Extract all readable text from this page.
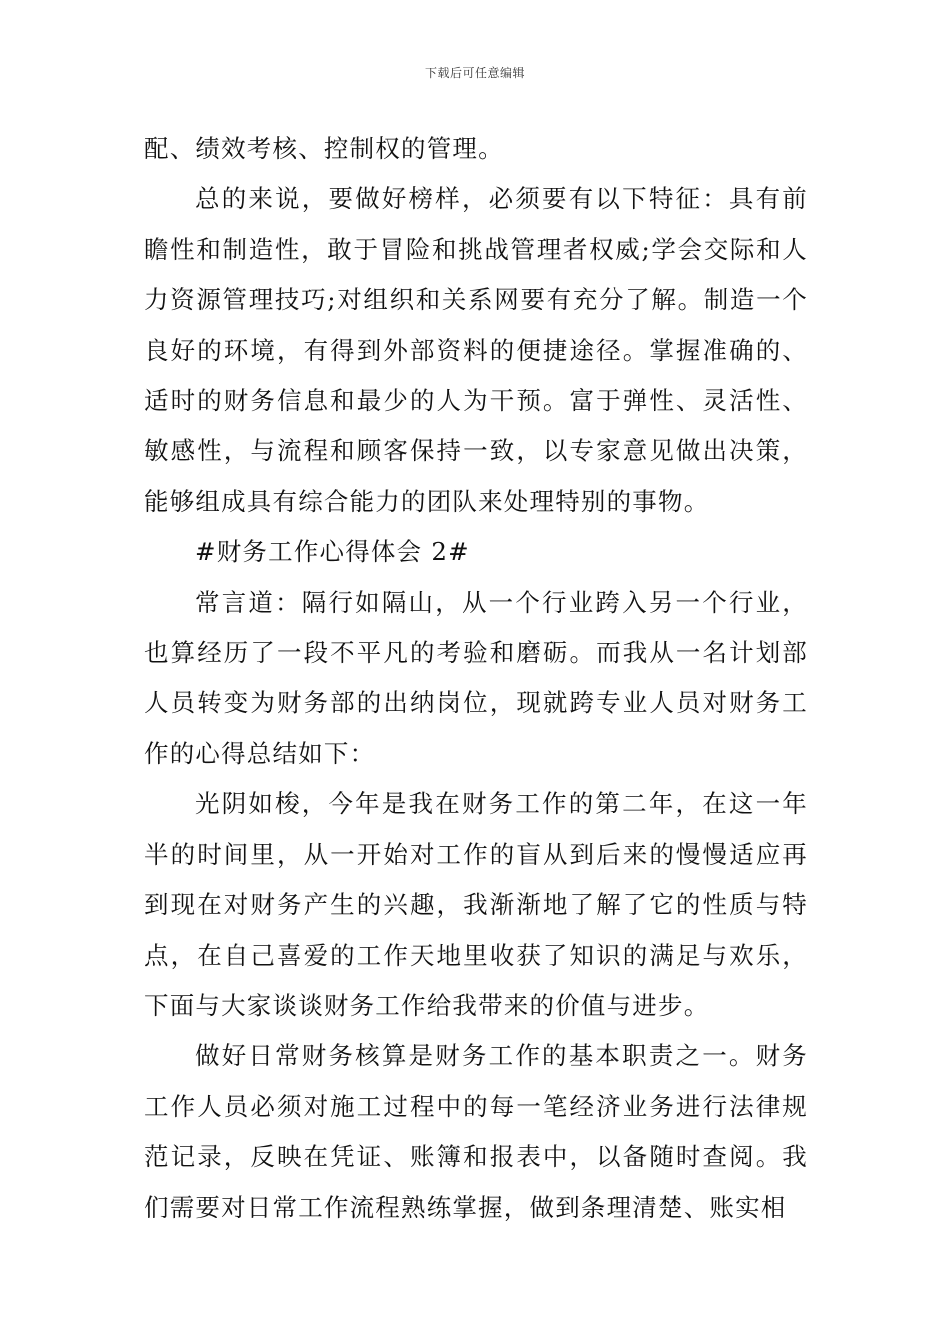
下载后可任意编辑

配、绩效考核、控制权的管理。

总的来说，要做好榜样，必须要有以下特征：具有前瞻性和制造性，敢于冒险和挑战管理者权威;学会交际和人力资源管理技巧;对组织和关系网要有充分了解。制造一个良好的环境，有得到外部资料的便捷途径。掌握准确的、适时的财务信息和最少的人为干预。富于弹性、灵活性、敏感性，与流程和顾客保持一致，以专家意见做出决策，能够组成具有综合能力的团队来处理特别的事物。

#财务工作心得体会 2#

常言道：隔行如隔山，从一个行业跨入另一个行业，也算经历了一段不平凡的考验和磨砺。而我从一名计划部人员转变为财务部的出纳岗位，现就跨专业人员对财务工作的心得总结如下：

光阴如梭，今年是我在财务工作的第二年，在这一年半的时间里，从一开始对工作的盲从到后来的慢慢适应再到现在对财务产生的兴趣，我渐渐地了解了它的性质与特点，在自己喜爱的工作天地里收获了知识的满足与欢乐，下面与大家谈谈财务工作给我带来的价值与进步。

做好日常财务核算是财务工作的基本职责之一。财务工作人员必须对施工过程中的每一笔经济业务进行法律规范记录，反映在凭证、账簿和报表中，以备随时查阅。我们需要对日常工作流程熟练掌握，做到条理清楚、账实相
